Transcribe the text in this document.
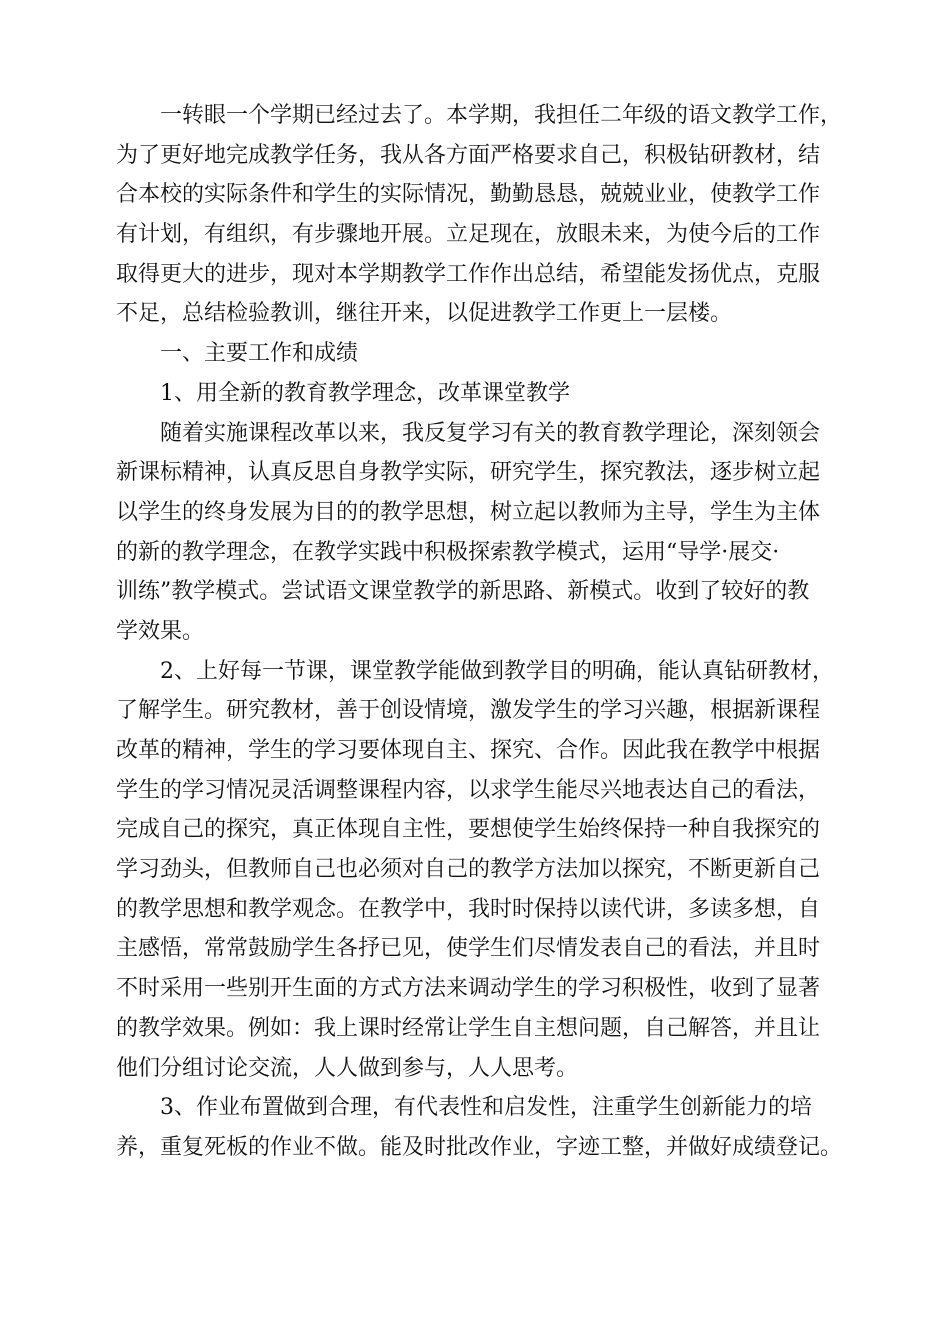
一转眼一个学期已经过去了。本学期，我担任二年级的语文教学工作，
为了更好地完成教学任务，我从各方面严格要求自己，积极钻研教材，结
合本校的实际条件和学生的实际情况，勤勤恳恳，兢兢业业，使教学工作
有计划，有组织，有步骤地开展。立足现在，放眼未来，为使今后的工作
取得更大的进步，现对本学期教学工作作出总结，希望能发扬优点，克服
不足，总结检验教训，继往开来，以促进教学工作更上一层楼。
一、主要工作和成绩
1、用全新的教育教学理念，改革课堂教学
随着实施课程改革以来，我反复学习有关的教育教学理论，深刻领会
新课标精神，认真反思自身教学实际，研究学生，探究教法，逐步树立起
以学生的终身发展为目的的教学思想，树立起以教师为主导，学生为主体
的新的教学理念，在教学实践中积极探索教学模式，运用“导学·展交·
训练”教学模式。尝试语文课堂教学的新思路、新模式。收到了较好的教
学效果。
2、上好每一节课，课堂教学能做到教学目的明确，能认真钻研教材，
了解学生。研究教材，善于创设情境，激发学生的学习兴趣，根据新课程
改革的精神，学生的学习要体现自主、探究、合作。因此我在教学中根据
学生的学习情况灵活调整课程内容，以求学生能尽兴地表达自己的看法，
完成自己的探究，真正体现自主性，要想使学生始终保持一种自我探究的
学习劲头，但教师自己也必须对自己的教学方法加以探究，不断更新自己
的教学思想和教学观念。在教学中，我时时保持以读代讲，多读多想，自
主感悟，常常鼓励学生各抒已见，使学生们尽情发表自己的看法，并且时
不时采用一些别开生面的方式方法来调动学生的学习积极性，收到了显著
的教学效果。例如：我上课时经常让学生自主想问题，自己解答，并且让
他们分组讨论交流，人人做到参与，人人思考。
3、作业布置做到合理，有代表性和启发性，注重学生创新能力的培
养，重复死板的作业不做。能及时批改作业，字迹工整，并做好成绩登记。
